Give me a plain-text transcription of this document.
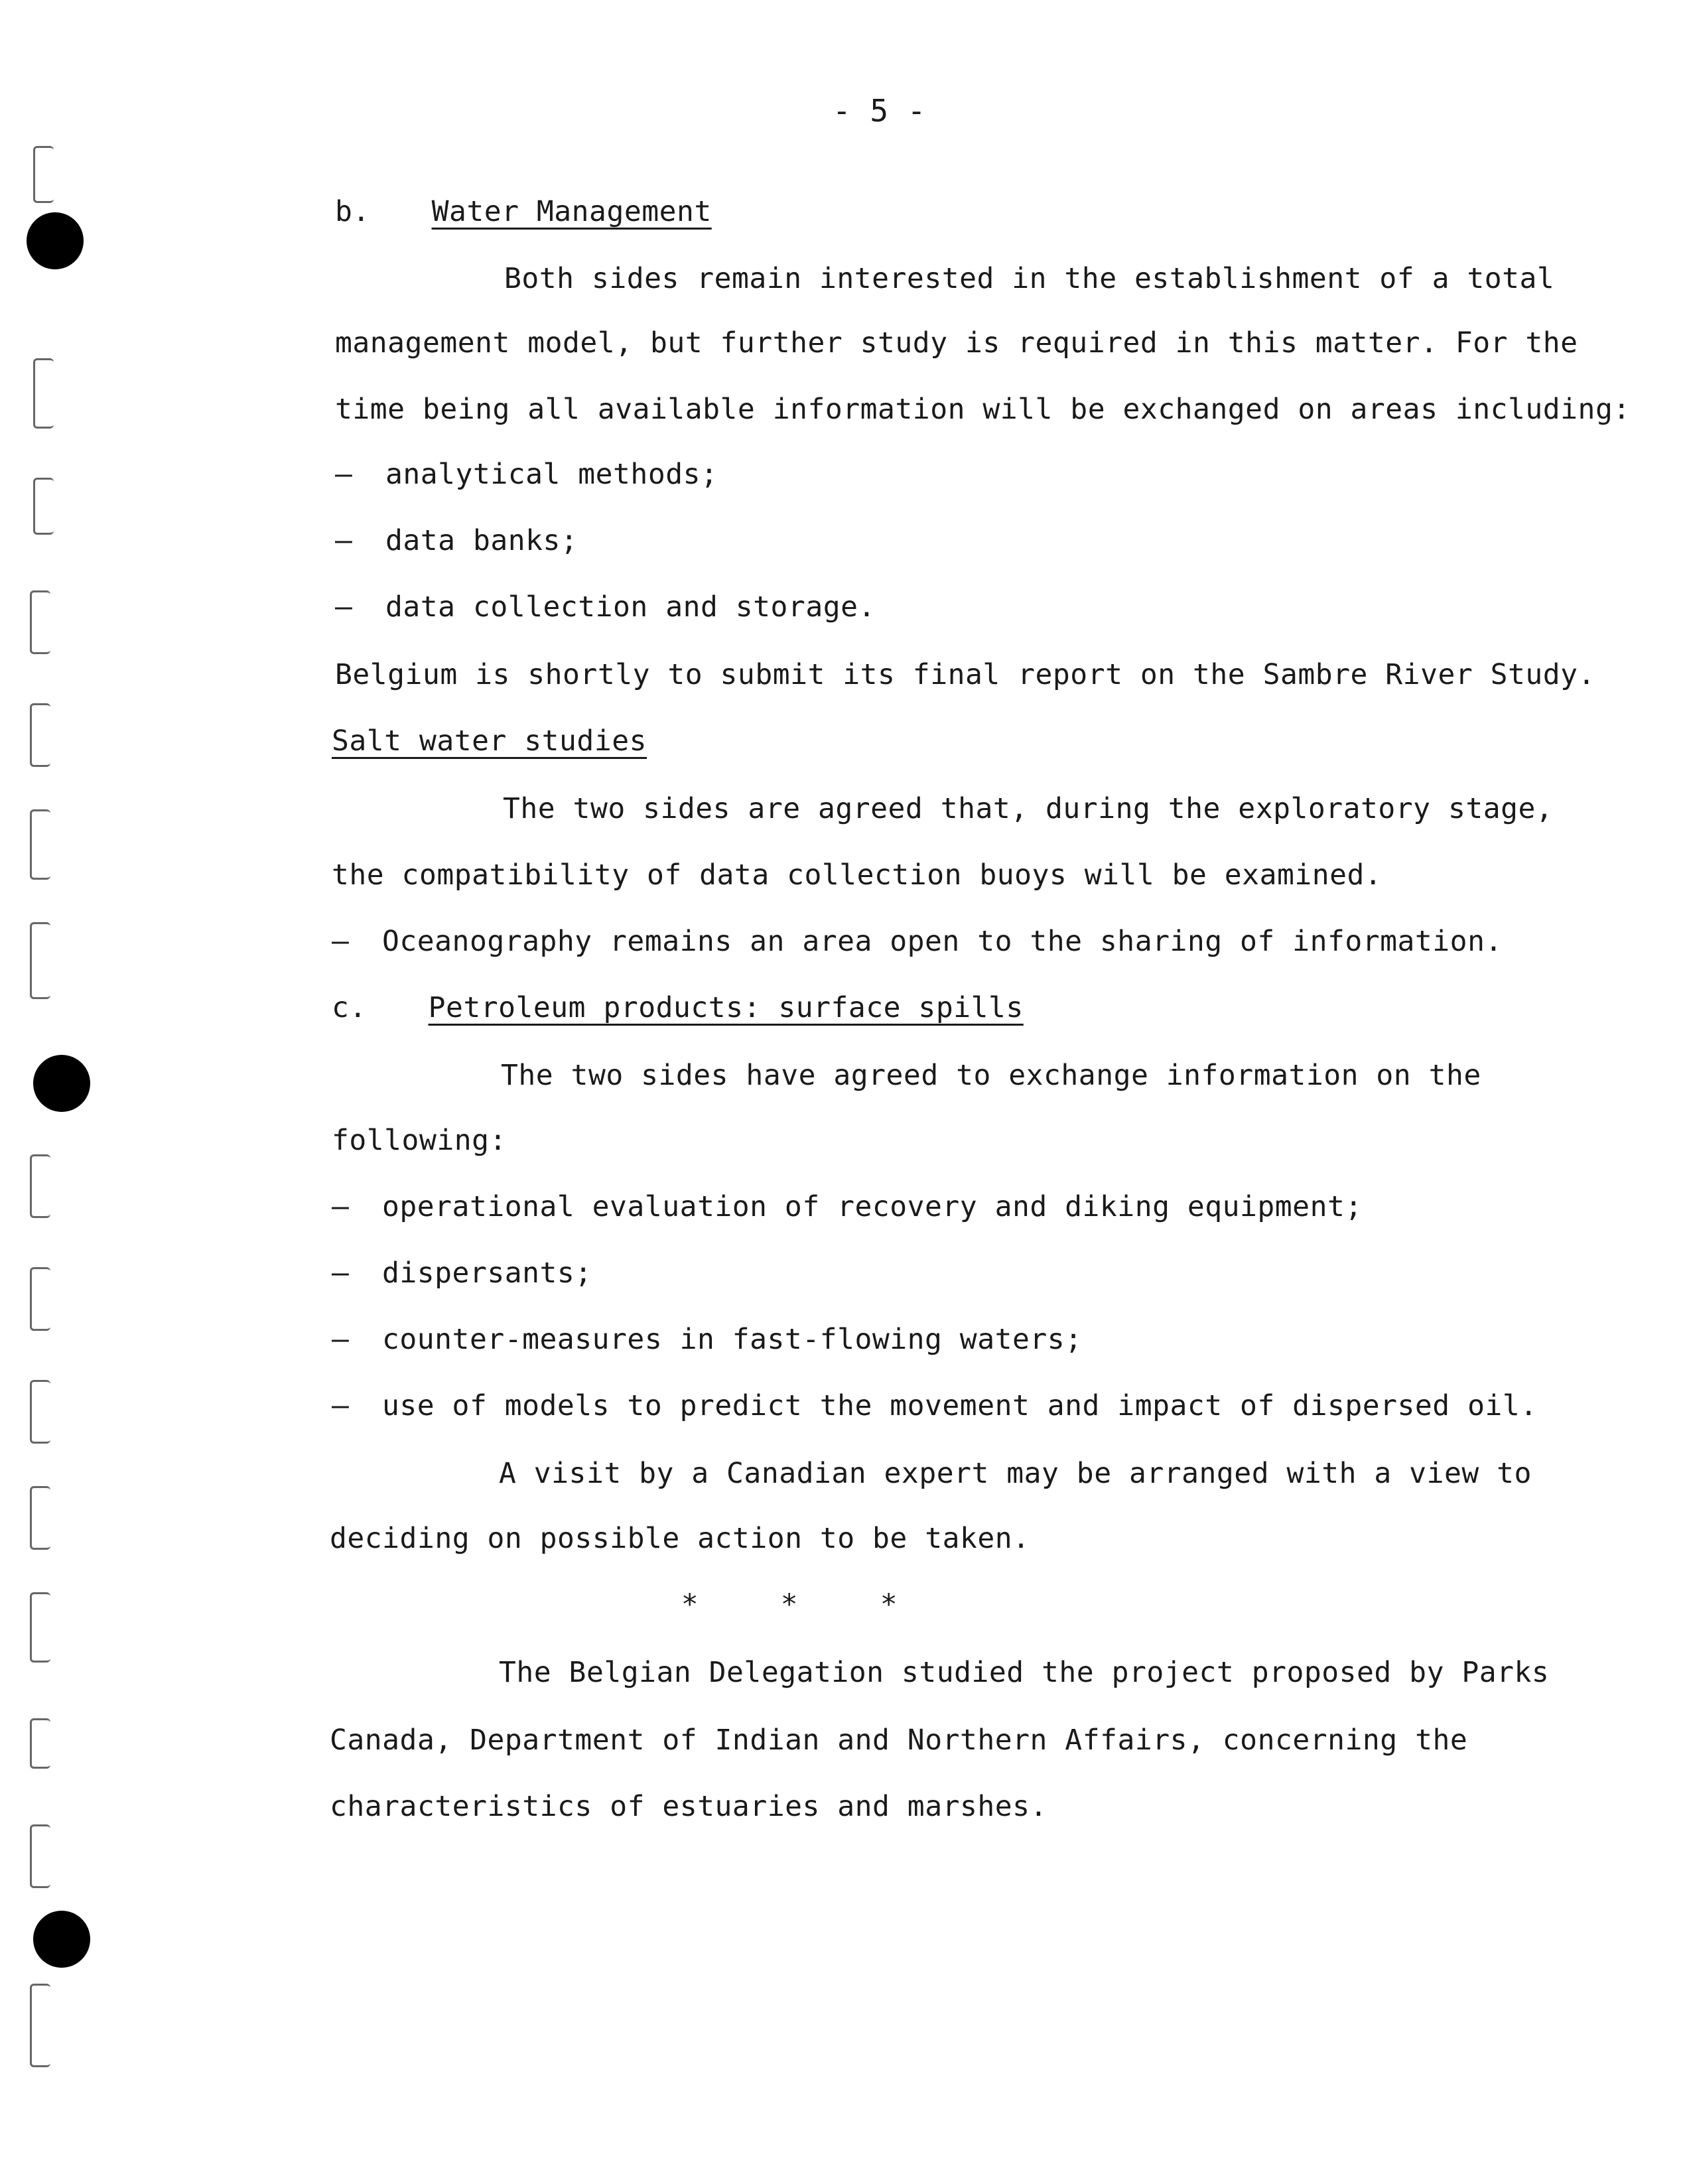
- 5 -
b. Water Management
Both sides remain interested in the establishment of a total
management model, but further study is required in this matter. For the
time being all available information will be exchanged on areas including:
– analytical methods;
– data banks;
– data collection and storage.
Belgium is shortly to submit its final report on the Sambre River Study.
Salt water studies
The two sides are agreed that, during the exploratory stage,
the compatibility of data collection buoys will be examined.
– Oceanography remains an area open to the sharing of information.
c. Petroleum products: surface spills
The two sides have agreed to exchange information on the
following:
– operational evaluation of recovery and diking equipment;
– dispersants;
– counter-measures in fast-flowing waters;
– use of models to predict the movement and impact of dispersed oil.
A visit by a Canadian expert may be arranged with a view to
deciding on possible action to be taken.
*	*	*
The Belgian Delegation studied the project proposed by Parks
Canada, Department of Indian and Northern Affairs, concerning the
characteristics of estuaries and marshes.
